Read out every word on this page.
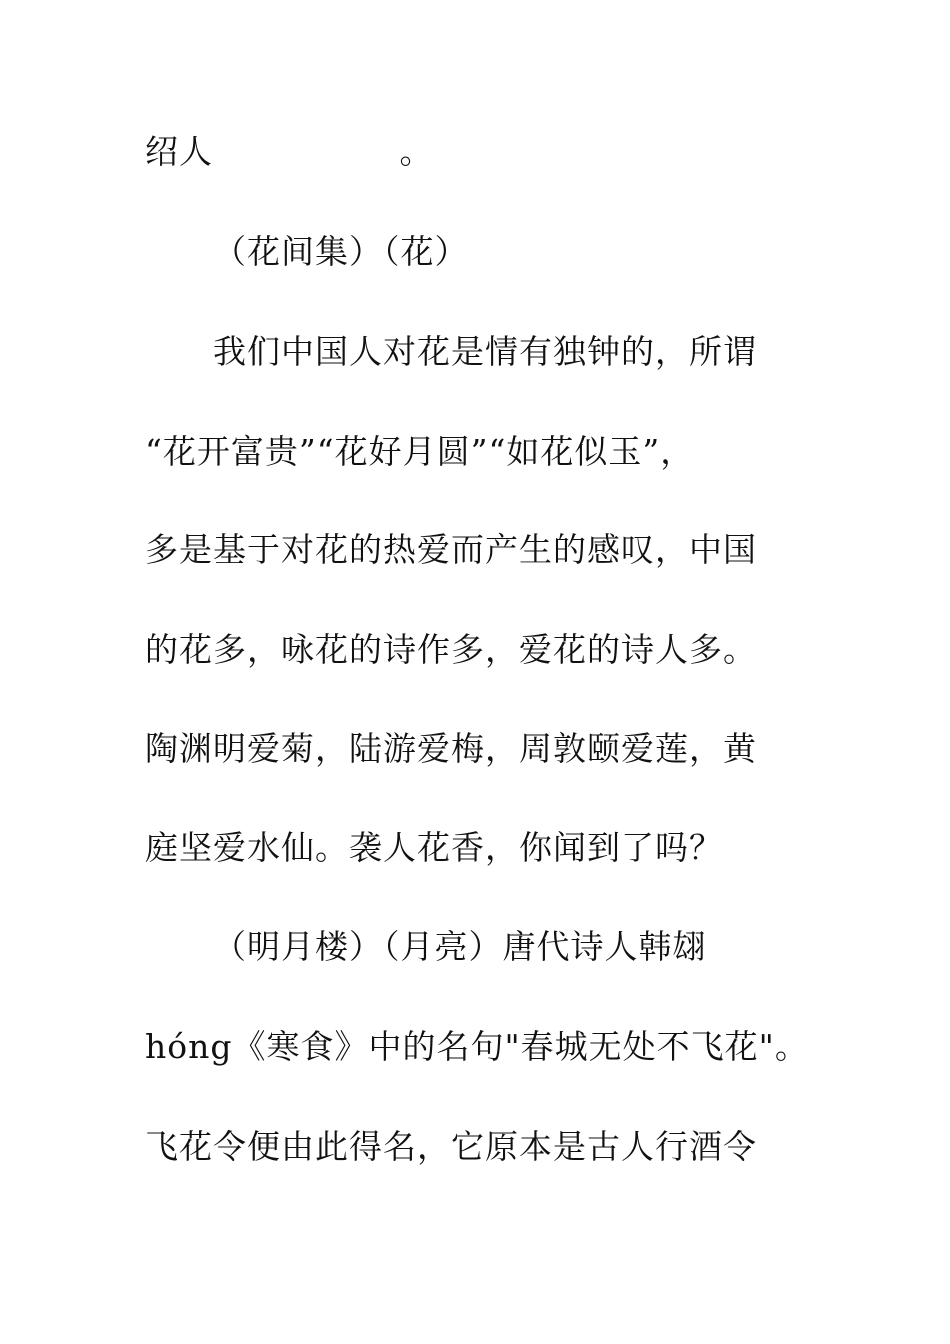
绍人 。
（花间集）（花）
我们中国人对花是情有独钟的，所谓
“花开富贵”“花好月圆”“如花似玉”，
多是基于对花的热爱而产生的感叹，中国
的花多，咏花的诗作多，爱花的诗人多。
陶渊明爱菊，陆游爱梅，周敦颐爱莲，黄
庭坚爱水仙。袭人花香，你闻到了吗？
（明月楼）（月亮）唐代诗人韩翃
hóng《寒食》中的名句"春城无处不飞花"。
飞花令便由此得名，它原本是古人行酒令
